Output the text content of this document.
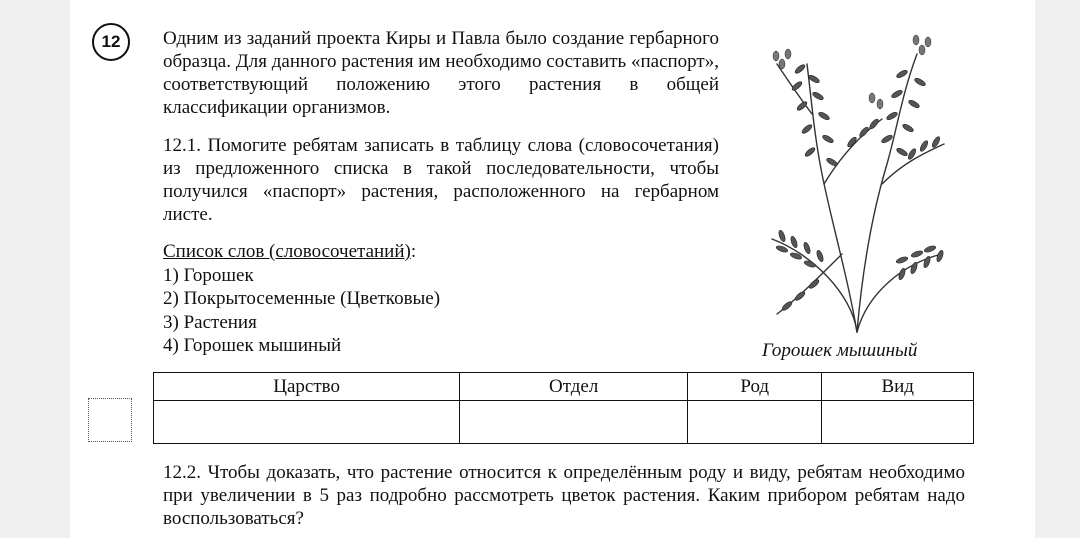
12	Одним из заданий проекта Киры и Павла было создание гербарного образца. Для данного растения им необходимо составить «паспорт», соответствующий положению этого растения в общей классификации организмов.
12.1. Помогите ребятам записать в таблицу слова (словосочетания) из предложенного списка в такой последовательности, чтобы получился «паспорт» растения, расположенного на гербарном листе.
Список слов (словосочетаний):
1) Горошек
2) Покрытосеменные (Цветковые)
3) Растения
4) Горошек мышиный	Горошек мышиный
Царство	Отдел	Род	Вид

12.2. Чтобы доказать, что растение относится к определённым роду и виду, ребятам необходимо при увеличении в 5 раз подробно рассмотреть цветок растения. Каким прибором ребятам надо воспользоваться?
